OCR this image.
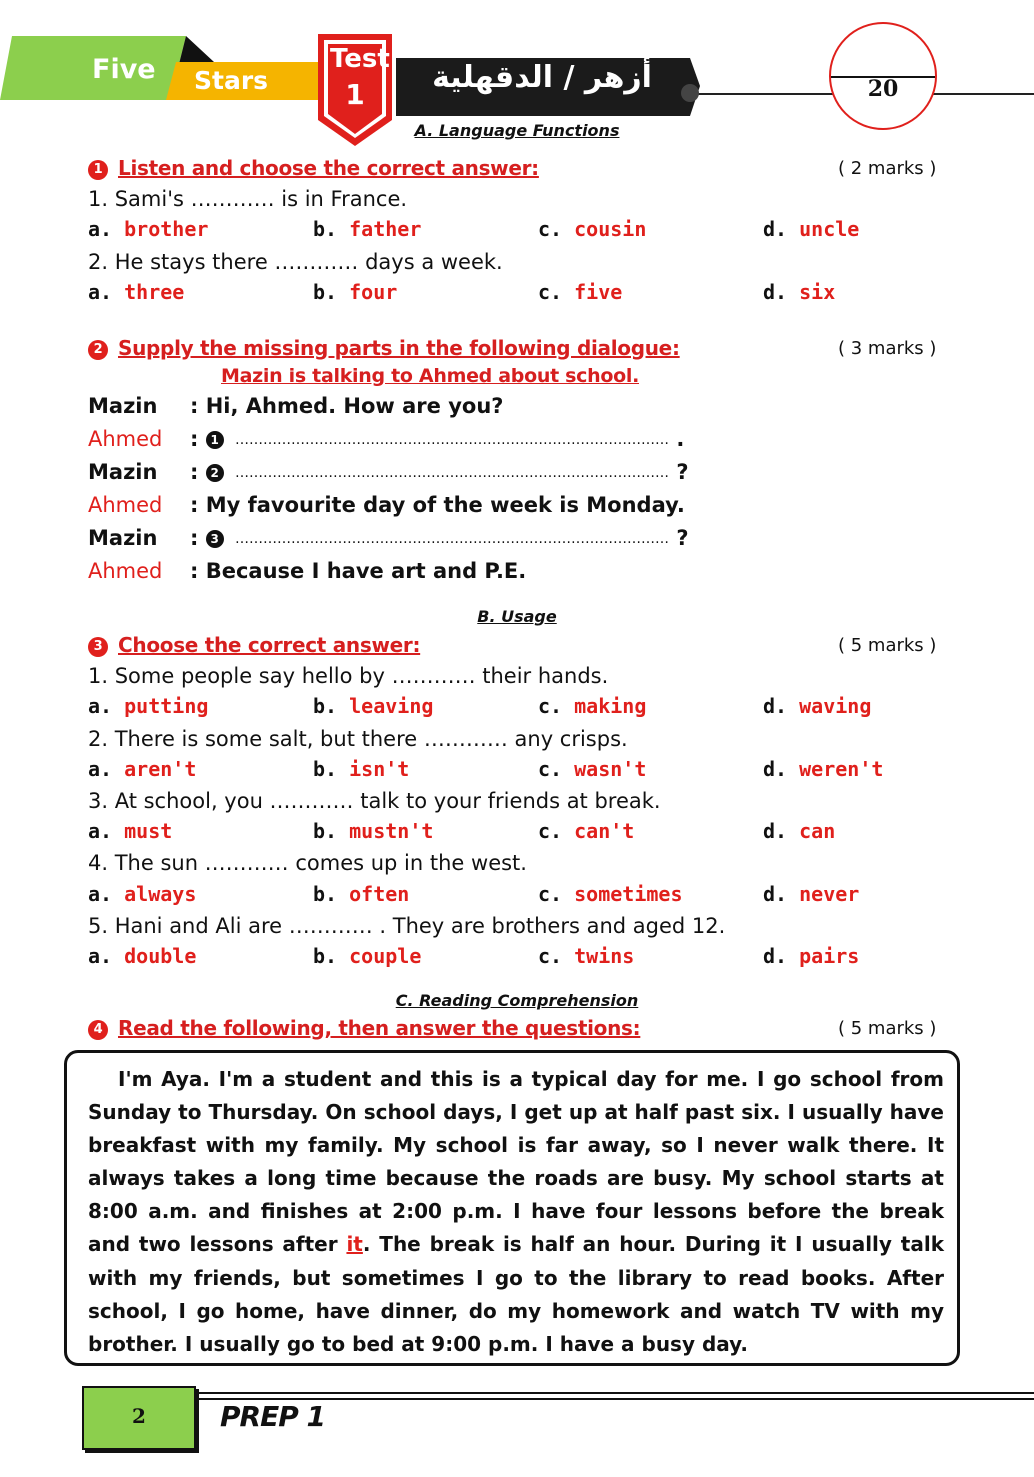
Five Stars
Test
1	أزهر / الدقهلية	20
A. Language Functions
1 Listen and choose the correct answer:	( 2 marks )
1. Sami's ………… is in France.
a. brother	b. father	c. cousin	d. uncle
2. He stays there ………… days a week.
a. three	b. four	c. five	d. six
2 Supply the missing parts in the following dialogue:	( 3 marks )
Mazin is talking to Ahmed about school.
Mazin : Hi, Ahmed. How are you?
Ahmed : 1 ………………………………………………………………………………… .
Mazin : 2 ………………………………………………………………………………… ?
Ahmed : My favourite day of the week is Monday.
Mazin : 3 ………………………………………………………………………………… ?
Ahmed : Because I have art and P.E.
B. Usage
3 Choose the correct answer:	( 5 marks )
1. Some people say hello by ………… their hands.
a. putting	b. leaving	c. making	d. waving
2. There is some salt, but there ………… any crisps.
a. aren't	b. isn't	c. wasn't	d. weren't
3. At school, you ………… talk to your friends at break.
a. must	b. mustn't	c. can't	d. can
4. The sun ………… comes up in the west.
a. always	b. often	c. sometimes	d. never
5. Hani and Ali are ………… . They are brothers and aged 12.
a. double	b. couple	c. twins	d. pairs
C. Reading Comprehension
4 Read the following, then answer the questions:	( 5 marks )
I'm Aya. I'm a student and this is a typical day for me. I go school from Sunday to Thursday. On school days, I get up at half past six. I usually have breakfast with my family. My school is far away, so I never walk there. It always takes a long time because the roads are busy. My school starts at 8:00 a.m. and finishes at 2:00 p.m. I have four lessons before the break and two lessons after it. The break is half an hour. During it I usually talk with my friends, but sometimes I go to the library to read books. After school, I go home, have dinner, do my homework and watch TV with my brother. I usually go to bed at 9:00 p.m. I have a busy day.
2	PREP 1
